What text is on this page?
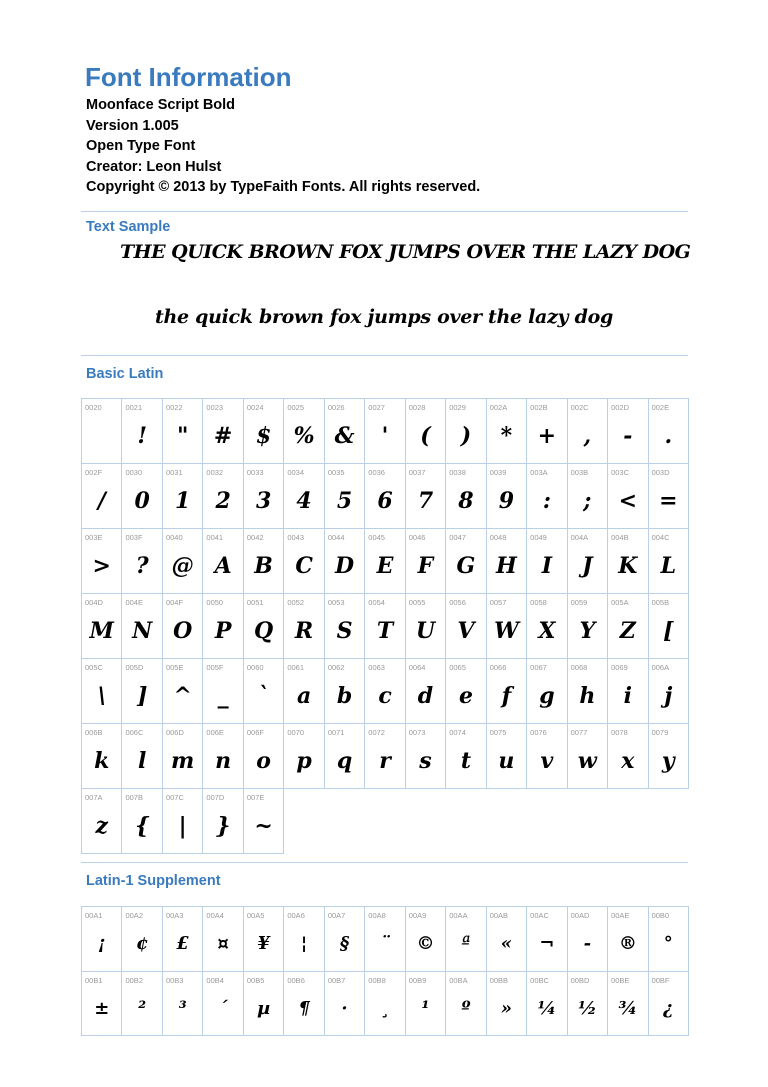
Font Information
Moonface Script Bold
Version 1.005
Open Type Font
Creator: Leon Hulst
Copyright © 2013 by TypeFaith Fonts. All rights reserved.
Text Sample
THE QUICK BROWN FOX JUMPS OVER THE LAZY DOG
the quick brown fox jumps over the lazy dog
Basic Latin
0020	0021
!
0022
"
0023
#
0024
$
0025
%
0026
&
0027
'
0028
(
0029
)
002A
*
002B
+
002C
,
002D
-
002E
.
002F
/
0030
0
0031
1
0032
2
0033
3
0034
4
0035
5
0036
6
0037
7
0038
8
0039
9
003A
:
003B
;
003C
<
003D
=
003E
>
003F
?
0040
@
0041
A
0042
B
0043
C
0044
D
0045
E
0046
F
0047
G
0048
H
0049
I
004A
J
004B
K
004C
L
004D
M
004E
N
004F
O
0050
P
0051
Q
0052
R
0053
S
0054
T
0055
U
0056
V
0057
W
0058
X
0059
Y
005A
Z
005B
[
005C
\
005D
]
005E
^
005F
_
0060
`
0061
a
0062
b
0063
c
0064
d
0065
e
0066
f
0067
g
0068
h
0069
i
006A
j
006B
k
006C
l
006D
m
006E
n
006F
o
0070
p
0071
q
0072
r
0073
s
0074
t
0075
u
0076
v
0077
w
0078
x
0079
y
007A
z
007B
{
007C
|
007D
}
007E
~
Latin-1 Supplement
00A1
¡
00A2
¢
00A3
£
00A4
¤
00A5
¥
00A6
¦
00A7
§
00A8
¨
00A9
©
00AA
ª
00AB
«
00AC
¬
00AD
-
00AE
®
00B0
°
00B1
±
00B2
²
00B3
³
00B4
´
00B5
µ
00B6
¶
00B7
·
00B8
¸
00B9
¹
00BA
º
00BB
»
00BC
¼
00BD
½
00BE
¾
00BF
¿
